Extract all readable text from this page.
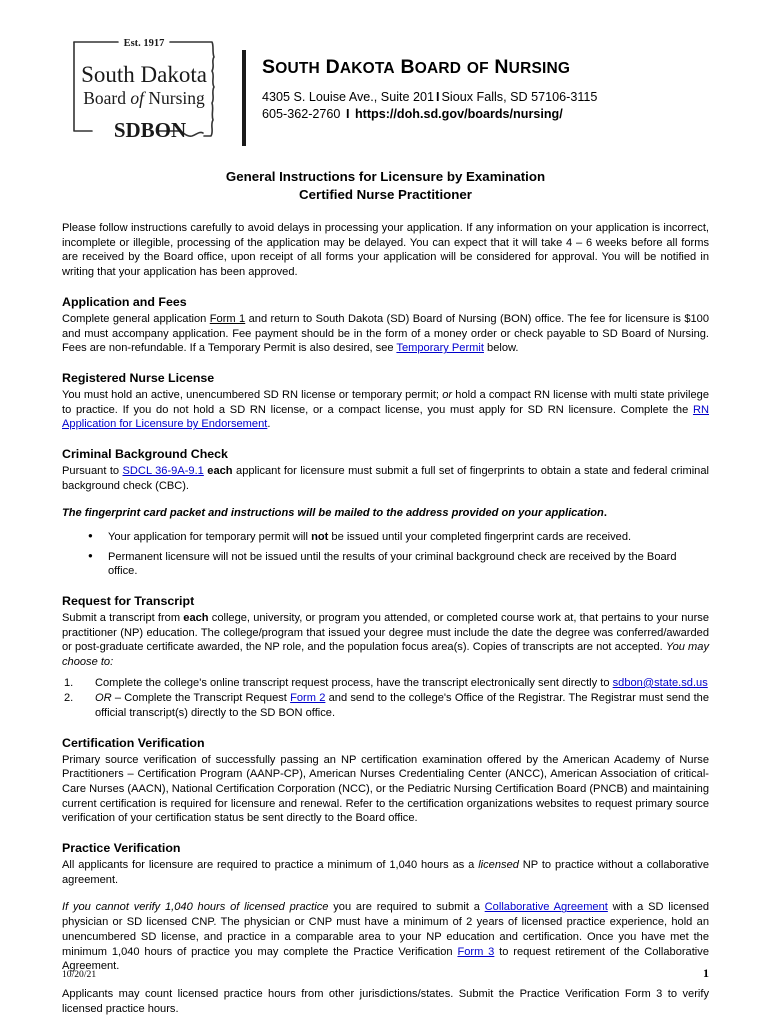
Est. 1917
South Dakota
Board of Nursing
SDBON
SOUTH DAKOTA BOARD OF NURSING
4305 S. Louise Ave., Suite 201 I Sioux Falls, SD 57106-3115
605-362-2760 I https://doh.sd.gov/boards/nursing/
General Instructions for Licensure by Examination
Certified Nurse Practitioner

Please follow instructions carefully to avoid delays in processing your application. If any information on your application is incorrect, incomplete or illegible, processing of the application may be delayed. You can expect that it will take 4 – 6 weeks before all forms are received by the Board office, upon receipt of all forms your application will be considered for approval. You will be notified in writing that your application has been approved.

Application and Fees

Complete general application Form 1 and return to South Dakota (SD) Board of Nursing (BON) office. The fee for licensure is $100 and must accompany application. Fee payment should be in the form of a money order or check payable to SD Board of Nursing. Fees are non-refundable. If a Temporary Permit is also desired, see Temporary Permit below.

Registered Nurse License

You must hold an active, unencumbered SD RN license or temporary permit; or hold a compact RN license with multi state privilege to practice. If you do not hold a SD RN license, or a compact license, you must apply for SD RN licensure. Complete the RN Application for Licensure by Endorsement.

Criminal Background Check

Pursuant to SDCL 36-9A-9.1 each applicant for licensure must submit a full set of fingerprints to obtain a state and federal criminal background check (CBC).

The fingerprint card packet and instructions will be mailed to the address provided on your application.

● Your application for temporary permit will not be issued until your completed fingerprint cards are received.
● Permanent licensure will not be issued until the results of your criminal background check are received by the Board office.
Request for Transcript

Submit a transcript from each college, university, or program you attended, or completed course work at, that pertains to your nurse practitioner (NP) education. The college/program that issued your degree must include the date the degree was conferred/awarded or post-graduate certificate awarded, the NP role, and the population focus area(s). Copies of transcripts are not accepted. You may choose to:

Complete the college's online transcript request process, have the transcript electronically sent directly to sdbon@state.sd.us
OR – Complete the Transcript Request Form 2 and send to the college's Office of the Registrar. The Registrar must send the official transcript(s) directly to the SD BON office.
Certification Verification

Primary source verification of successfully passing an NP certification examination offered by the American Academy of Nurse Practitioners – Certification Program (AANP-CP), American Nurses Credentialing Center (ANCC), American Association of critical-Care Nurses (AACN), National Certification Corporation (NCC), or the Pediatric Nursing Certification Board (PNCB) and maintaining current certification is required for licensure and renewal. Refer to the certification organizations websites to request primary source verification of your certification status be sent directly to the Board office.

Practice Verification

All applicants for licensure are required to practice a minimum of 1,040 hours as a licensed NP to practice without a collaborative agreement.

If you cannot verify 1,040 hours of licensed practice you are required to submit a Collaborative Agreement with a SD licensed physician or SD licensed CNP. The physician or CNP must have a minimum of 2 years of licensed practice experience, hold an unencumbered SD license, and practice in a comparable area to your NP education and certification. Once you have met the minimum 1,040 hours of practice you may complete the Practice Verification Form 3 to request retirement of the Collaborative Agreement.

Applicants may count licensed practice hours from other jurisdictions/states. Submit the Practice Verification Form 3 to verify licensed practice hours.

10/20/21	1
